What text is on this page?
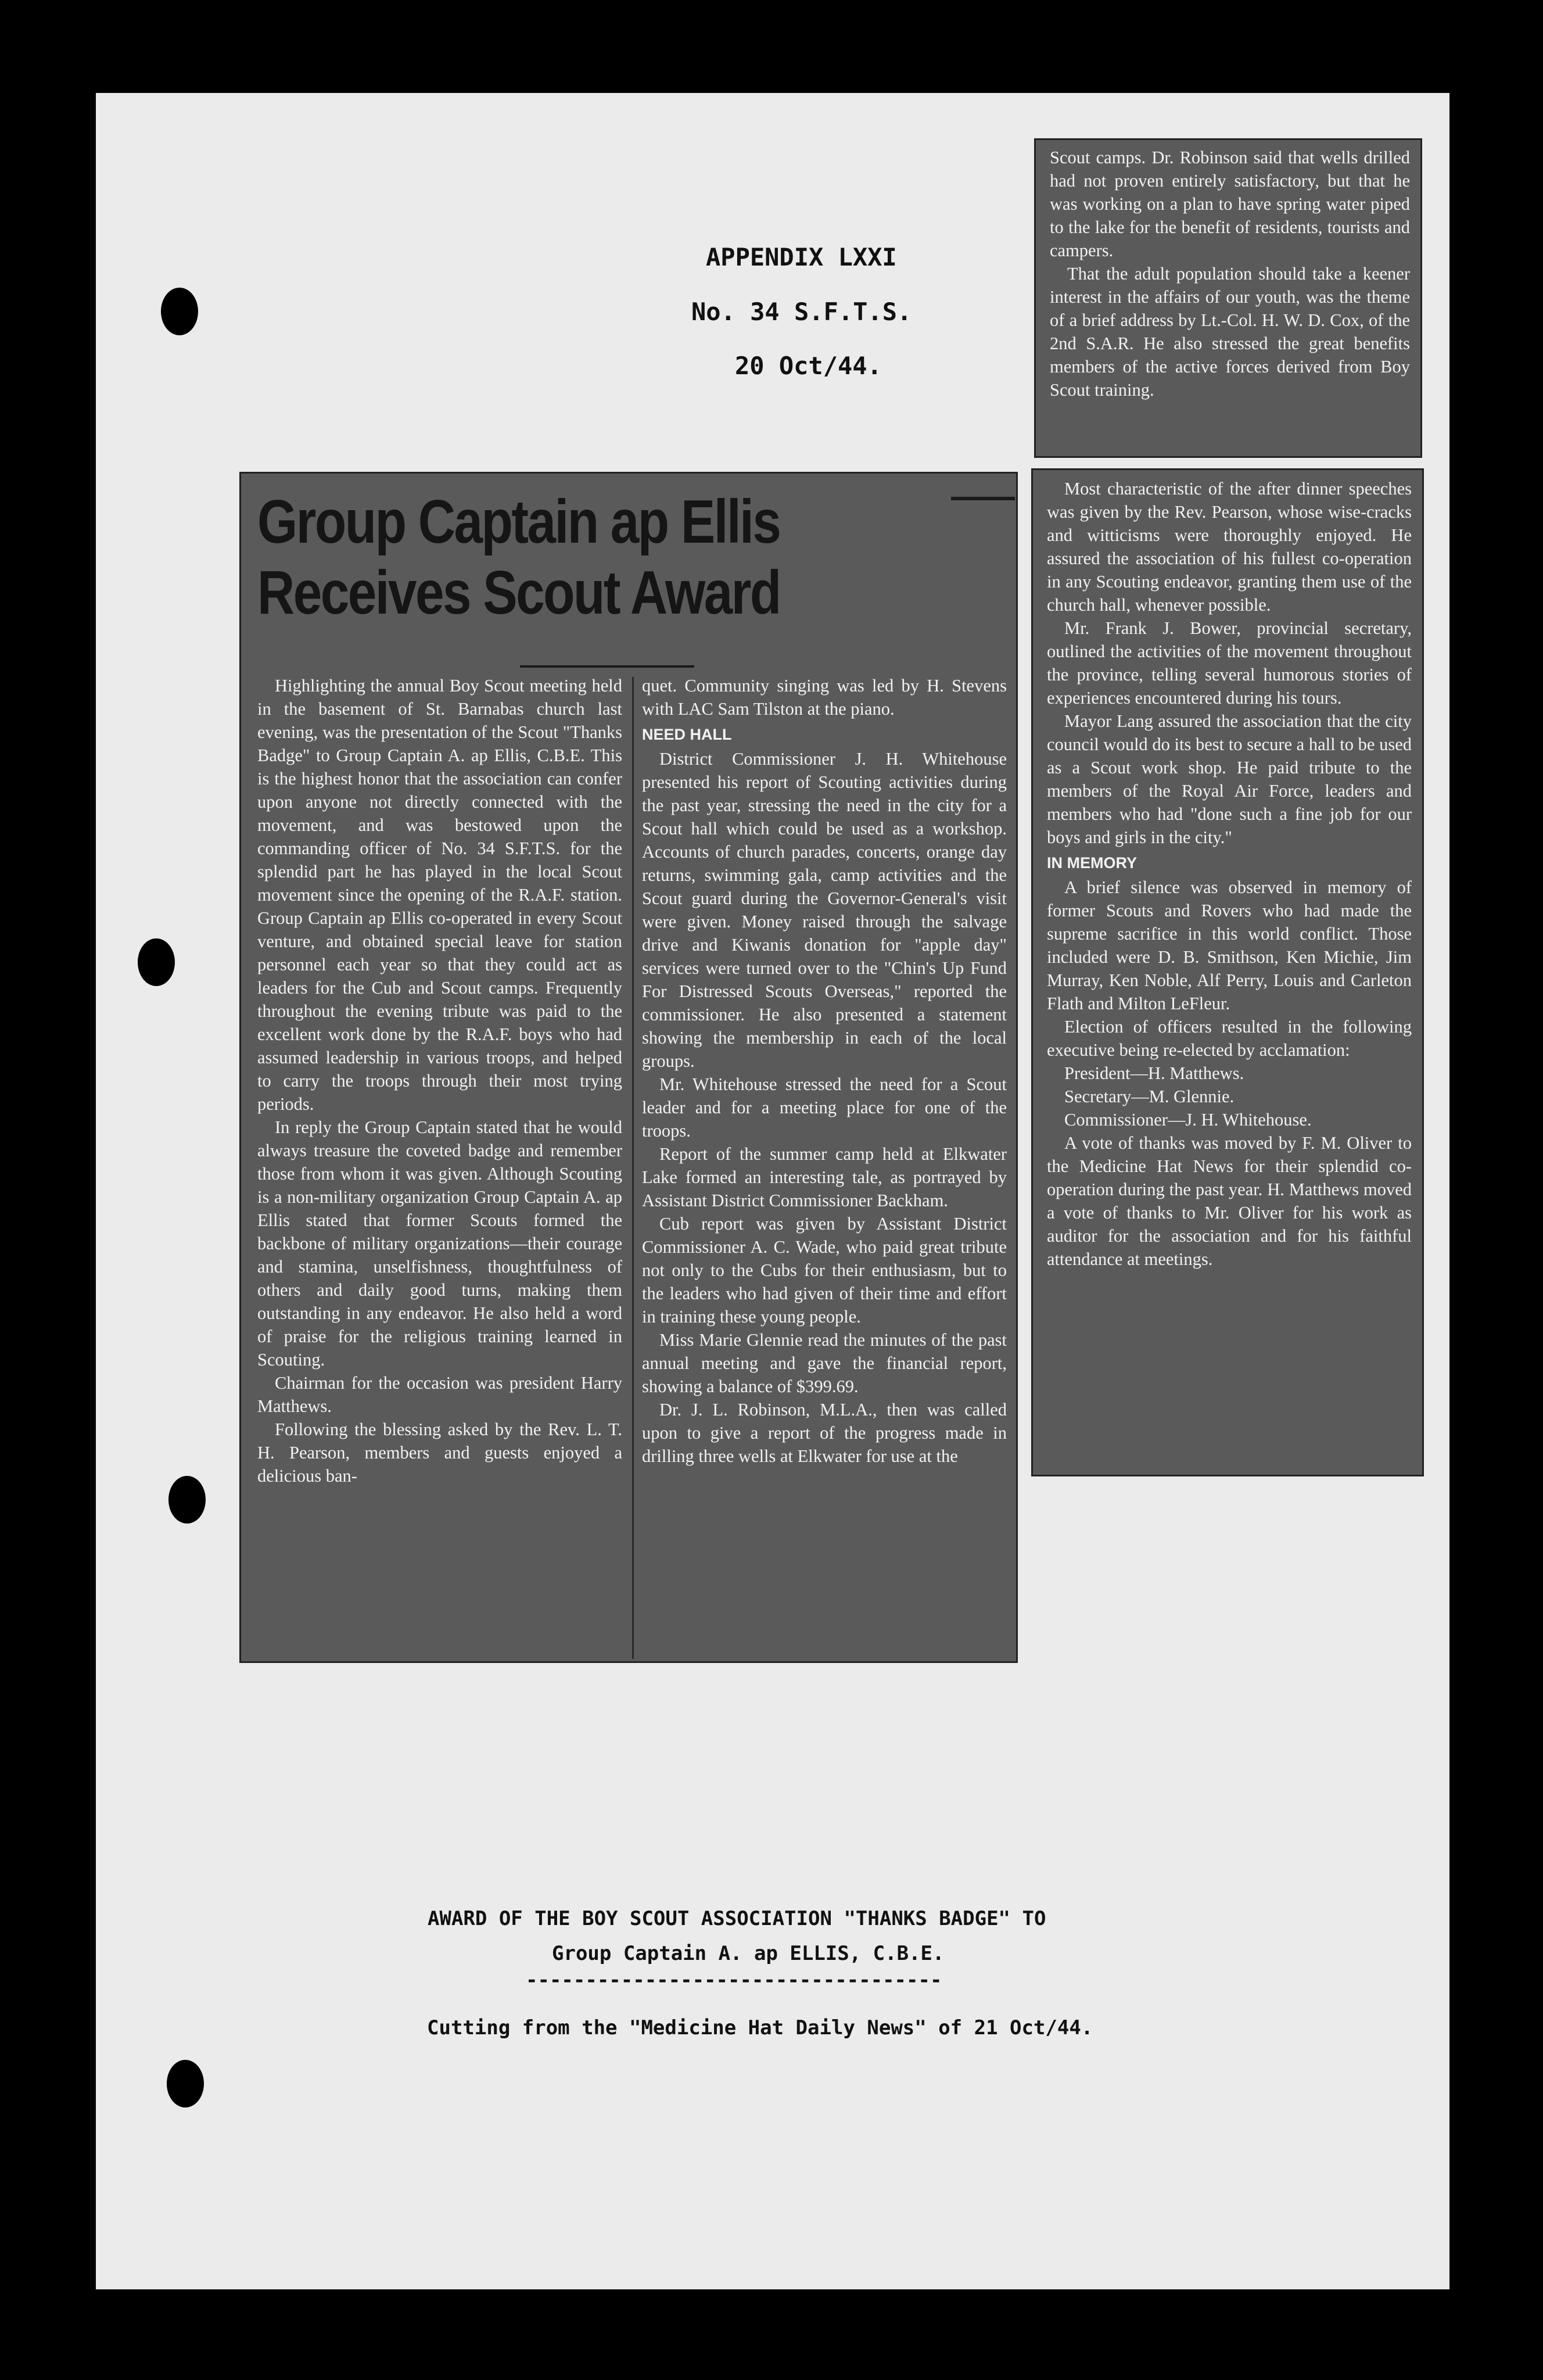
APPENDIX LXXI
No. 34 S.F.T.S.
20 Oct/44.
Group Captain ap Ellis
Receives Scout Award

Highlighting the annual Boy Scout meeting held in the basement of St. Barnabas church last evening, was the presentation of the Scout "Thanks Badge" to Group Captain A. ap Ellis, C.B.E. This is the highest honor that the association can confer upon anyone not directly connected with the movement, and was bestowed upon the commanding officer of No. 34 S.F.T.S. for the splendid part he has played in the local Scout movement since the opening of the R.A.F. station. Group Captain ap Ellis co-operated in every Scout venture, and obtained special leave for station personnel each year so that they could act as leaders for the Cub and Scout camps. Frequently throughout the evening tribute was paid to the excellent work done by the R.A.F. boys who had assumed leadership in various troops, and helped to carry the troops through their most trying periods.

In reply the Group Captain stated that he would always treasure the coveted badge and remember those from whom it was given. Although Scouting is a non-military organization Group Captain A. ap Ellis stated that former Scouts formed the backbone of military organizations—their courage and stamina, unselfishness, thoughtfulness of others and daily good turns, making them outstanding in any endeavor. He also held a word of praise for the religious training learned in Scouting.

Chairman for the occasion was president Harry Matthews.

Following the blessing asked by the Rev. L. T. H. Pearson, members and guests enjoyed a delicious ban-

quet. Community singing was led by H. Stevens with LAC Sam Tilston at the piano.

NEED HALL

District Commissioner J. H. Whitehouse presented his report of Scouting activities during the past year, stressing the need in the city for a Scout hall which could be used as a workshop. Accounts of church parades, concerts, orange day returns, swimming gala, camp activities and the Scout guard during the Governor-General's visit were given. Money raised through the salvage drive and Kiwanis donation for "apple day" services were turned over to the "Chin's Up Fund For Distressed Scouts Overseas," reported the commissioner. He also presented a statement showing the membership in each of the local groups.

Mr. Whitehouse stressed the need for a Scout leader and for a meeting place for one of the troops.

Report of the summer camp held at Elkwater Lake formed an interesting tale, as portrayed by Assistant District Commissioner Backham.

Cub report was given by Assistant District Commissioner A. C. Wade, who paid great tribute not only to the Cubs for their enthusiasm, but to the leaders who had given of their time and effort in training these young people.

Miss Marie Glennie read the minutes of the past annual meeting and gave the financial report, showing a balance of $399.69.

Dr. J. L. Robinson, M.L.A., then was called upon to give a report of the progress made in drilling three wells at Elkwater for use at the

Scout camps. Dr. Robinson said that wells drilled had not proven entirely satisfactory, but that he was working on a plan to have spring water piped to the lake for the benefit of residents, tourists and campers.

That the adult population should take a keener interest in the affairs of our youth, was the theme of a brief address by Lt.-Col. H. W. D. Cox, of the 2nd S.A.R. He also stressed the great benefits members of the active forces derived from Boy Scout training.

Most characteristic of the after dinner speeches was given by the Rev. Pearson, whose wise-cracks and witticisms were thoroughly enjoyed. He assured the association of his fullest co-operation in any Scouting endeavor, granting them use of the church hall, whenever possible.

Mr. Frank J. Bower, provincial secretary, outlined the activities of the movement throughout the province, telling several humorous stories of experiences encountered during his tours.

Mayor Lang assured the association that the city council would do its best to secure a hall to be used as a Scout work shop. He paid tribute to the members of the Royal Air Force, leaders and members who had "done such a fine job for our boys and girls in the city."

IN MEMORY

A brief silence was observed in memory of former Scouts and Rovers who had made the supreme sacrifice in this world conflict. Those included were D. B. Smithson, Ken Michie, Jim Murray, Ken Noble, Alf Perry, Louis and Carleton Flath and Milton LeFleur.

Election of officers resulted in the following executive being re-elected by acclamation:

President—H. Matthews.

Secretary—M. Glennie.

Commissioner—J. H. Whitehouse.

A vote of thanks was moved by F. M. Oliver to the Medicine Hat News for their splendid co-operation during the past year. H. Matthews moved a vote of thanks to Mr. Oliver for his work as auditor for the association and for his faithful attendance at meetings.

AWARD OF THE BOY SCOUT ASSOCIATION "THANKS BADGE" TO
Group Captain A. ap ELLIS, C.B.E.
-----------------------------------
Cutting from the "Medicine Hat Daily News" of 21 Oct/44.
